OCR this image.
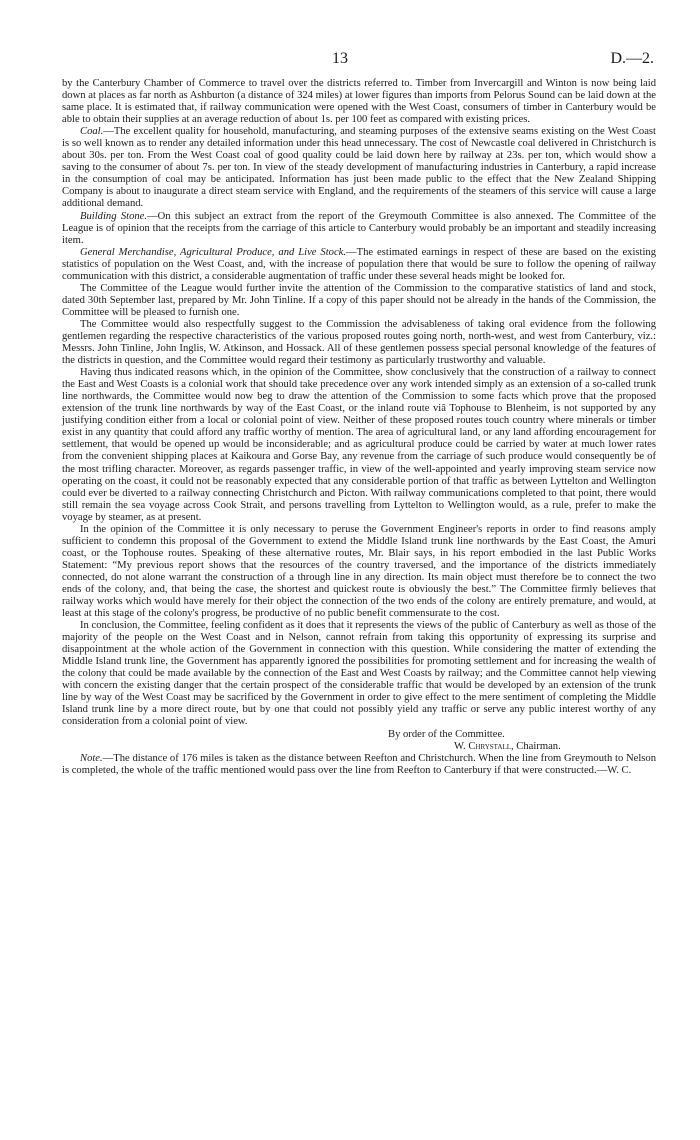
13	D.—2.

by the Canterbury Chamber of Commerce to travel over the districts referred to. Timber from Invercargill and Winton is now being laid down at places as far north as Ashburton (a distance of 324 miles) at lower figures than imports from Pelorus Sound can be laid down at the same place. It is estimated that, if railway communication were opened with the West Coast, consumers of timber in Canterbury would be able to obtain their supplies at an average reduction of about 1s. per 100 feet as compared with existing prices.

Coal.—The excellent quality for household, manufacturing, and steaming purposes of the extensive seams existing on the West Coast is so well known as to render any detailed information under this head unnecessary. The cost of Newcastle coal delivered in Christchurch is about 30s. per ton. From the West Coast coal of good quality could be laid down here by railway at 23s. per ton, which would show a saving to the consumer of about 7s. per ton. In view of the steady development of manufacturing industries in Canterbury, a rapid increase in the consumption of coal may be anticipated. Information has just been made public to the effect that the New Zealand Shipping Company is about to inaugurate a direct steam service with England, and the requirements of the steamers of this service will cause a large additional demand.

Building Stone.—On this subject an extract from the report of the Greymouth Committee is also annexed. The Committee of the League is of opinion that the receipts from the carriage of this article to Canterbury would probably be an important and steadily increasing item.

General Merchandise, Agricultural Produce, and Live Stock.—The estimated earnings in respect of these are based on the existing statistics of population on the West Coast, and, with the increase of population there that would be sure to follow the opening of railway communication with this district, a considerable augmentation of traffic under these several heads might be looked for.

The Committee of the League would further invite the attention of the Commission to the comparative statistics of land and stock, dated 30th September last, prepared by Mr. John Tinline. If a copy of this paper should not be already in the hands of the Commission, the Committee will be pleased to furnish one.

The Committee would also respectfully suggest to the Commission the advisableness of taking oral evidence from the following gentlemen regarding the respective characteristics of the various proposed routes going north, north-west, and west from Canterbury, viz.: Messrs. John Tinline, John Inglis, W. Atkinson, and Hossack. All of these gentlemen possess special personal knowledge of the features of the districts in question, and the Committee would regard their testimony as particularly trustworthy and valuable.

Having thus indicated reasons which, in the opinion of the Committee, show conclusively that the construction of a railway to connect the East and West Coasts is a colonial work that should take precedence over any work intended simply as an extension of a so-called trunk line northwards, the Committee would now beg to draw the attention of the Commission to some facts which prove that the proposed extension of the trunk line northwards by way of the East Coast, or the inland route viâ Tophouse to Blenheim, is not supported by any justifying condition either from a local or colonial point of view. Neither of these proposed routes touch country where minerals or timber exist in any quantity that could afford any traffic worthy of mention. The area of agricultural land, or any land affording encouragement for settlement, that would be opened up would be inconsiderable; and as agricultural produce could be carried by water at much lower rates from the convenient shipping places at Kaikoura and Gorse Bay, any revenue from the carriage of such produce would consequently be of the most trifling character. Moreover, as regards passenger traffic, in view of the well-appointed and yearly improving steam service now operating on the coast, it could not be reasonably expected that any considerable portion of that traffic as between Lyttelton and Wellington could ever be diverted to a railway connecting Christchurch and Picton. With railway communications completed to that point, there would still remain the sea voyage across Cook Strait, and persons travelling from Lyttelton to Wellington would, as a rule, prefer to make the voyage by steamer, as at present.

In the opinion of the Committee it is only necessary to peruse the Government Engineer's reports in order to find reasons amply sufficient to condemn this proposal of the Government to extend the Middle Island trunk line northwards by the East Coast, the Amuri coast, or the Tophouse routes. Speaking of these alternative routes, Mr. Blair says, in his report embodied in the last Public Works Statement: “My previous report shows that the resources of the country traversed, and the importance of the districts immediately connected, do not alone warrant the construction of a through line in any direction. Its main object must therefore be to connect the two ends of the colony, and, that being the case, the shortest and quickest route is obviously the best.” The Committee firmly believes that railway works which would have merely for their object the connection of the two ends of the colony are entirely premature, and would, at least at this stage of the colony's progress, be productive of no public benefit commensurate to the cost.

In conclusion, the Committee, feeling confident as it does that it represents the views of the public of Canterbury as well as those of the majority of the people on the West Coast and in Nelson, cannot refrain from taking this opportunity of expressing its surprise and disappointment at the whole action of the Government in connection with this question. While considering the matter of extending the Middle Island trunk line, the Government has apparently ignored the possibilities for promoting settlement and for increasing the wealth of the colony that could be made available by the connection of the East and West Coasts by railway; and the Committee cannot help viewing with concern the existing danger that the certain prospect of the considerable traffic that would be developed by an extension of the trunk line by way of the West Coast may be sacrificed by the Government in order to give effect to the mere sentiment of completing the Middle Island trunk line by a more direct route, but by one that could not possibly yield any traffic or serve any public interest worthy of any consideration from a colonial point of view.

By order of the Committee.
W. Chrystall, Chairman.

Note.—The distance of 176 miles is taken as the distance between Reefton and Christchurch. When the line from Greymouth to Nelson is completed, the whole of the traffic mentioned would pass over the line from Reefton to Canterbury if that were constructed.—W. C.
